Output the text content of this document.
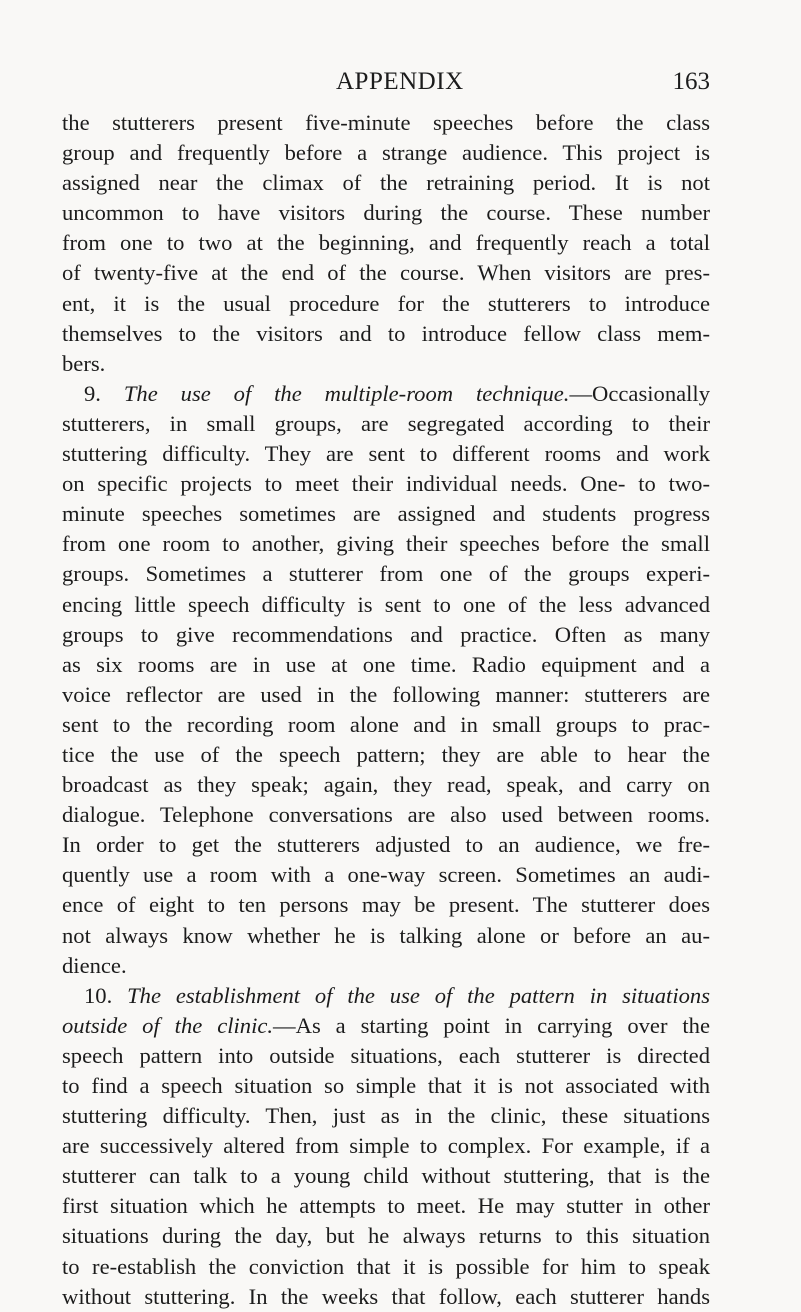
APPENDIX	163
the stutterers present five-minute speeches before the class
group and frequently before a strange audience. This project is
assigned near the climax of the retraining period. It is not
uncommon to have visitors during the course. These number
from one to two at the beginning, and frequently reach a total
of twenty-five at the end of the course. When visitors are pres-
ent, it is the usual procedure for the stutterers to introduce
themselves to the visitors and to introduce fellow class mem-
bers.
9. The use of the multiple-room technique.—Occasionally
stutterers, in small groups, are segregated according to their
stuttering difficulty. They are sent to different rooms and work
on specific projects to meet their individual needs. One- to two-
minute speeches sometimes are assigned and students progress
from one room to another, giving their speeches before the small
groups. Sometimes a stutterer from one of the groups experi-
encing little speech difficulty is sent to one of the less advanced
groups to give recommendations and practice. Often as many
as six rooms are in use at one time. Radio equipment and a
voice reflector are used in the following manner: stutterers are
sent to the recording room alone and in small groups to prac-
tice the use of the speech pattern; they are able to hear the
broadcast as they speak; again, they read, speak, and carry on
dialogue. Telephone conversations are also used between rooms.
In order to get the stutterers adjusted to an audience, we fre-
quently use a room with a one-way screen. Sometimes an audi-
ence of eight to ten persons may be present. The stutterer does
not always know whether he is talking alone or before an au-
dience.
10. The establishment of the use of the pattern in situations
outside of the clinic.—As a starting point in carrying over the
speech pattern into outside situations, each stutterer is directed
to find a speech situation so simple that it is not associated with
stuttering difficulty. Then, just as in the clinic, these situations
are successively altered from simple to complex. For example, if a
stutterer can talk to a young child without stuttering, that is the
first situation which he attempts to meet. He may stutter in other
situations during the day, but he always returns to this situation
to re-establish the conviction that it is possible for him to speak
without stuttering. In the weeks that follow, each stutterer hands
